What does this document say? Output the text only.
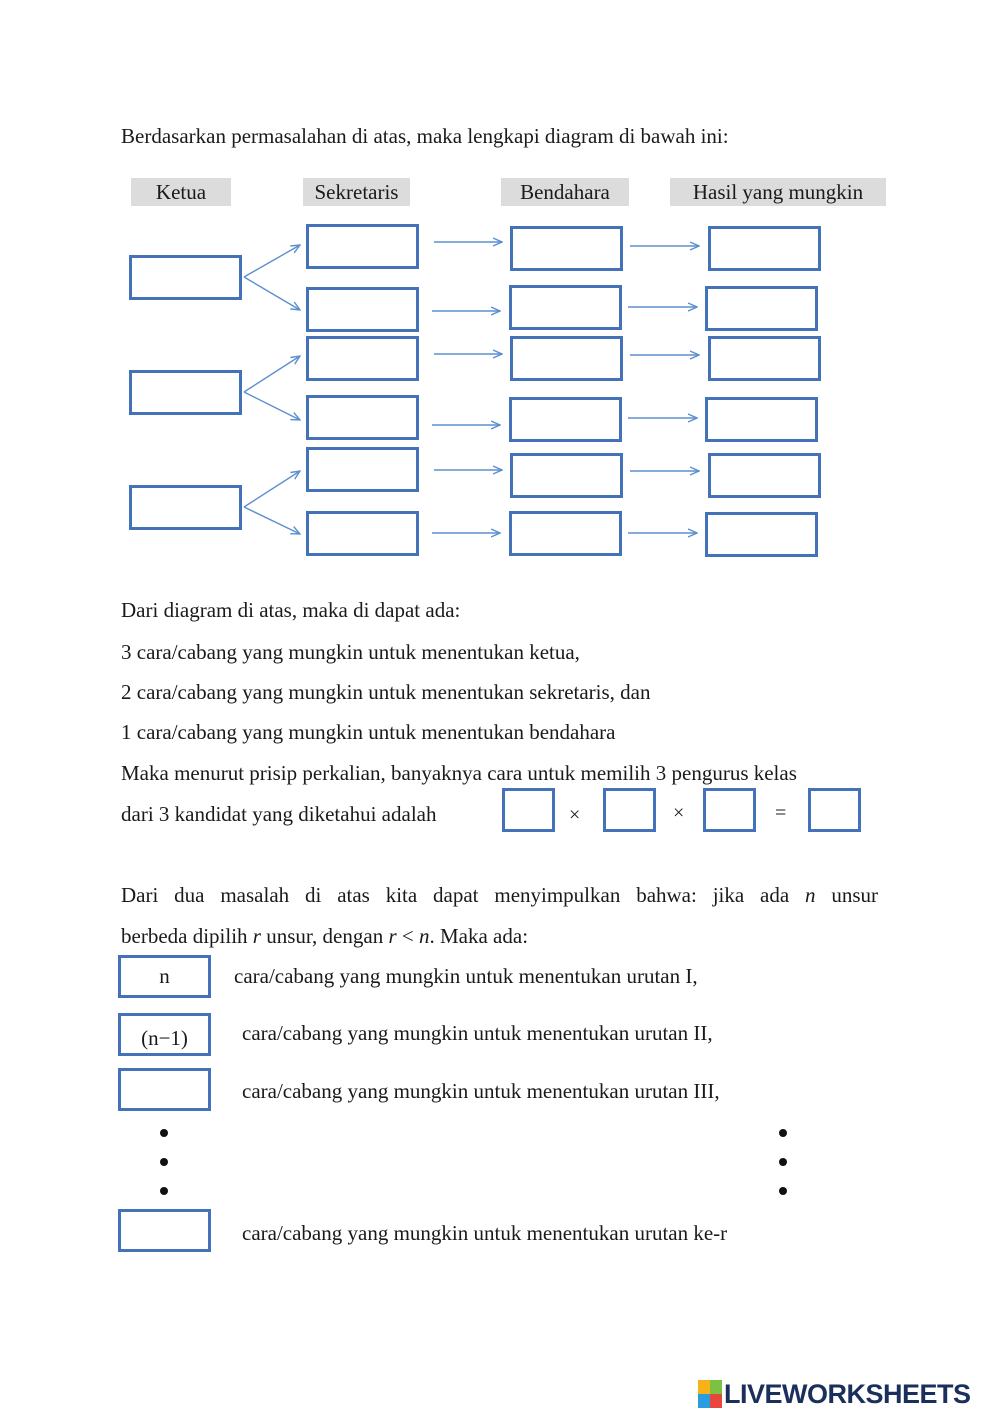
Berdasarkan permasalahan di atas, maka lengkapi diagram di bawah ini:
Ketua	Sekretaris	Bendahara	Hasil yang mungkin
Dari diagram di atas, maka di dapat ada:
3 cara/cabang yang mungkin untuk menentukan ketua,
2 cara/cabang yang mungkin untuk menentukan sekretaris, dan
1 cara/cabang yang mungkin untuk menentukan bendahara
Maka menurut prisip perkalian, banyaknya cara untuk memilih 3 pengurus kelas
dari 3 kandidat yang diketahui adalah	×	×	=
Dari dua masalah di atas kita dapat menyimpulkan bahwa: jika ada n unsur
berbeda dipilih r unsur, dengan r < n. Maka ada:
n	cara/cabang yang mungkin untuk menentukan urutan I,
(n−1)	cara/cabang yang mungkin untuk menentukan urutan II,
cara/cabang yang mungkin untuk menentukan urutan III,
cara/cabang yang mungkin untuk menentukan urutan ke-r
LIVEWORKSHEETS
